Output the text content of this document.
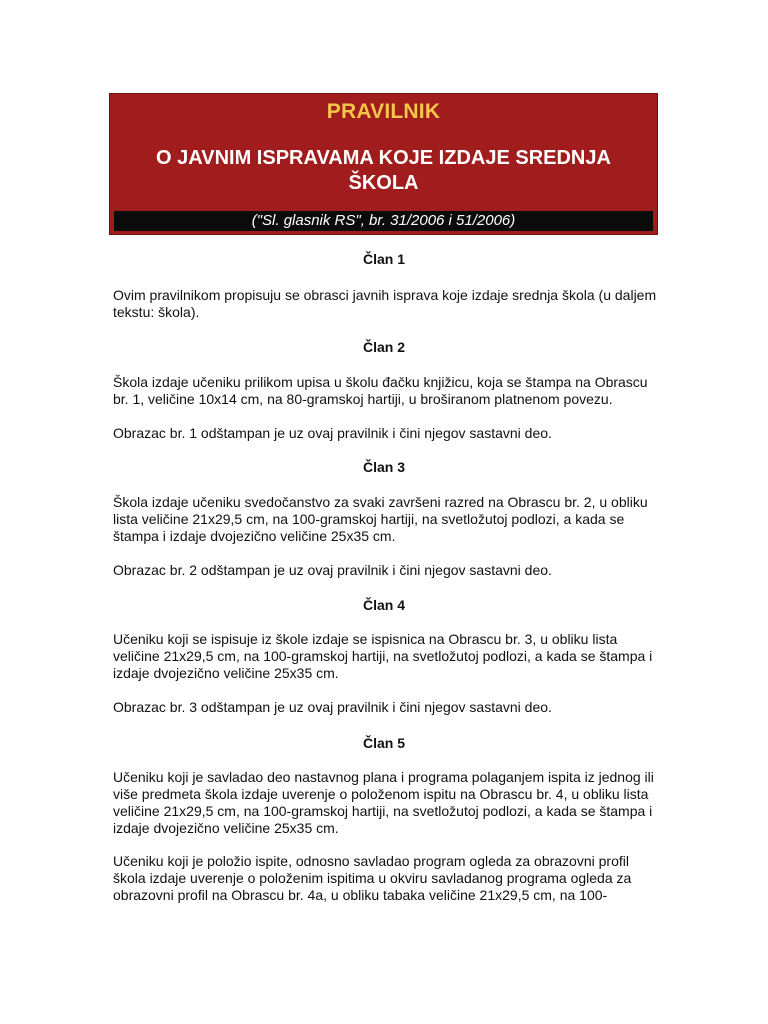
PRAVILNIK
O JAVNIM ISPRAVAMA KOJE IZDAJE SREDNJA ŠKOLA
("Sl. glasnik RS", br. 31/2006 i 51/2006)
Član 1
Ovim pravilnikom propisuju se obrasci javnih isprava koje izdaje srednja škola (u daljem tekstu: škola).
Član 2
Škola izdaje učeniku prilikom upisa u školu đačku knjižicu, koja se štampa na Obrascu br. 1, veličine 10x14 cm, na 80-gramskoj hartiji, u broširanom platnenom povezu.
Obrazac br. 1 odštampan je uz ovaj pravilnik i čini njegov sastavni deo.
Član 3
Škola izdaje učeniku svedočanstvo za svaki završeni razred na Obrascu br. 2, u obliku lista veličine 21x29,5 cm, na 100-gramskoj hartiji, na svetložutoj podlozi, a kada se štampa i izdaje dvojezično veličine 25x35 cm.
Obrazac br. 2 odštampan je uz ovaj pravilnik i čini njegov sastavni deo.
Član 4
Učeniku koji se ispisuje iz škole izdaje se ispisnica na Obrascu br. 3, u obliku lista veličine 21x29,5 cm, na 100-gramskoj hartiji, na svetložutoj podlozi, a kada se štampa i izdaje dvojezično veličine 25x35 cm.
Obrazac br. 3 odštampan je uz ovaj pravilnik i čini njegov sastavni deo.
Član 5
Učeniku koji je savladao deo nastavnog plana i programa polaganjem ispita iz jednog ili više predmeta škola izdaje uverenje o položenom ispitu na Obrascu br. 4, u obliku lista veličine 21x29,5 cm, na 100-gramskoj hartiji, na svetložutoj podlozi, a kada se štampa i izdaje dvojezično veličine 25x35 cm.
Učeniku koji je položio ispite, odnosno savladao program ogleda za obrazovni profil škola izdaje uverenje o položenim ispitima u okviru savladanog programa ogleda za obrazovni profil na Obrascu br. 4a, u obliku tabaka veličine 21x29,5 cm, na 100-
